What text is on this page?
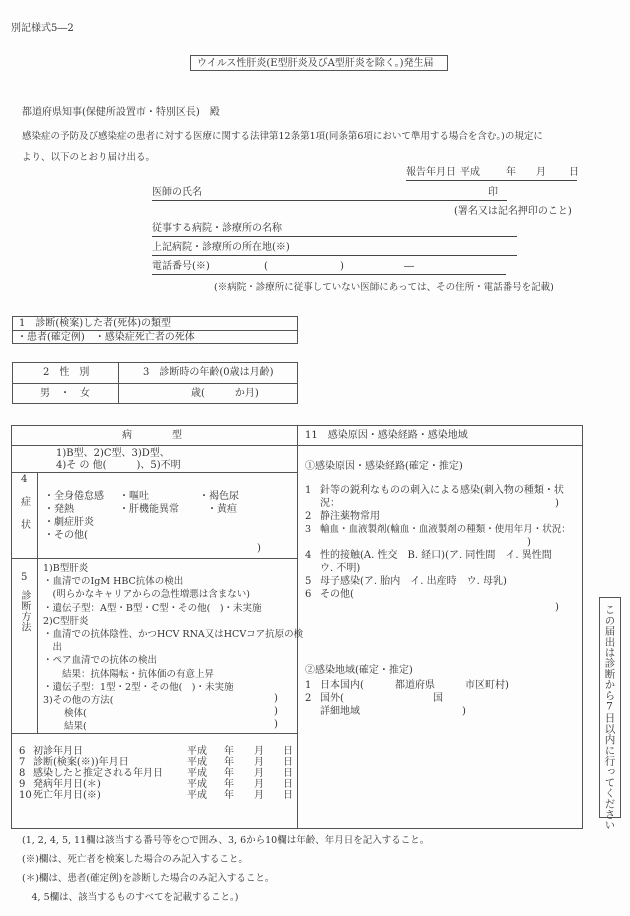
別記様式5―2
ウイルス性肝炎(E型肝炎及びA型肝炎を除く。)発生届
都道府県知事(保健所設置市・特別区長)　殿
感染症の予防及び感染症の患者に対する医療に関する法律第12条第1項(同条第6項において準用する場合を含む。)の規定に
より、以下のとおり届け出る。
報告年月日 平成	年 月 日
医師の氏名	印
(署名又は記名押印のこと)
従事する病院・診療所の名称
上記病院・診療所の所在地(※)
電話番号(※)	(	)	―
(※病院・診療所に従事していない医師にあっては、その住所・電話番号を記載)
1　診断(検案)した者(死体)の類型
・患者(確定例)　・感染症死亡者の死体
2　性　別
男　・　女
3　診断時の年齢(0歳は月齢)
歳(　　　か月)
病　　　　型
1)B型、2)C型、3)D型、
4)そ の 他(　　　)、5)不明
4
症
状
・全身倦怠感 ・嘔吐	・褐色尿
・発熱	・肝機能異常	・黄疸
・劇症肝炎
・その他(
)
5
診断方法
1)B型肝炎
・血清でのIgM HBC抗体の検出
　(明らかなキャリアからの急性増悪は含まない)
・遺伝子型：A型・B型・C型・その他(　)・未実施
2)C型肝炎
・血清での抗体陰性、かつHCV RNA又はHCVコア抗原の検
　出
・ペア血清での抗体の検出
　　結果：抗体陽転・抗体価の有意上昇
・遺伝子型：1型・2型・その他(　)・未実施
3)その他の方法(
検体(
結果(
)
)
)
6 初診年月日	平成 年 月 日
7 診断(検案(※))年月日	平成 年 月 日
8 感染したと推定される年月日 平成 年 月 日
9 発病年月日(＊)	平成 年 月 日
10 死亡年月日(※)	平成 年 月 日
11　感染原因・感染経路・感染地域
①感染原因・感染経路(確定・推定)
1 針等の鋭利なものの刺入による感染(刺入物の種類・状
況：	)
2 静注薬物常用
3 輸血・血液製剤(輸血・血液製剤の種類・使用年月・状況：
)
4 性的接触(A. 性交　B. 経口)(ア. 同性間　イ. 異性間
ウ. 不明)
5 母子感染(ア. 胎内　イ. 出産時　ウ. 母乳)
6 その他(
)
②感染地域(確定・推定)
1 日本国内(	都道府県	市区町村)
2 国外(	国
詳細地域	)	この届出は診断から7日以内に行ってください
(1, 2, 4, 5, 11欄は該当する番号等を○で囲み、3, 6から10欄は年齢、年月日を記入すること。
(※)欄は、死亡者を検案した場合のみ記入すること。
(＊)欄は、患者(確定例)を診断した場合のみ記入すること。
　4, 5欄は、該当するものすべてを記載すること。)
